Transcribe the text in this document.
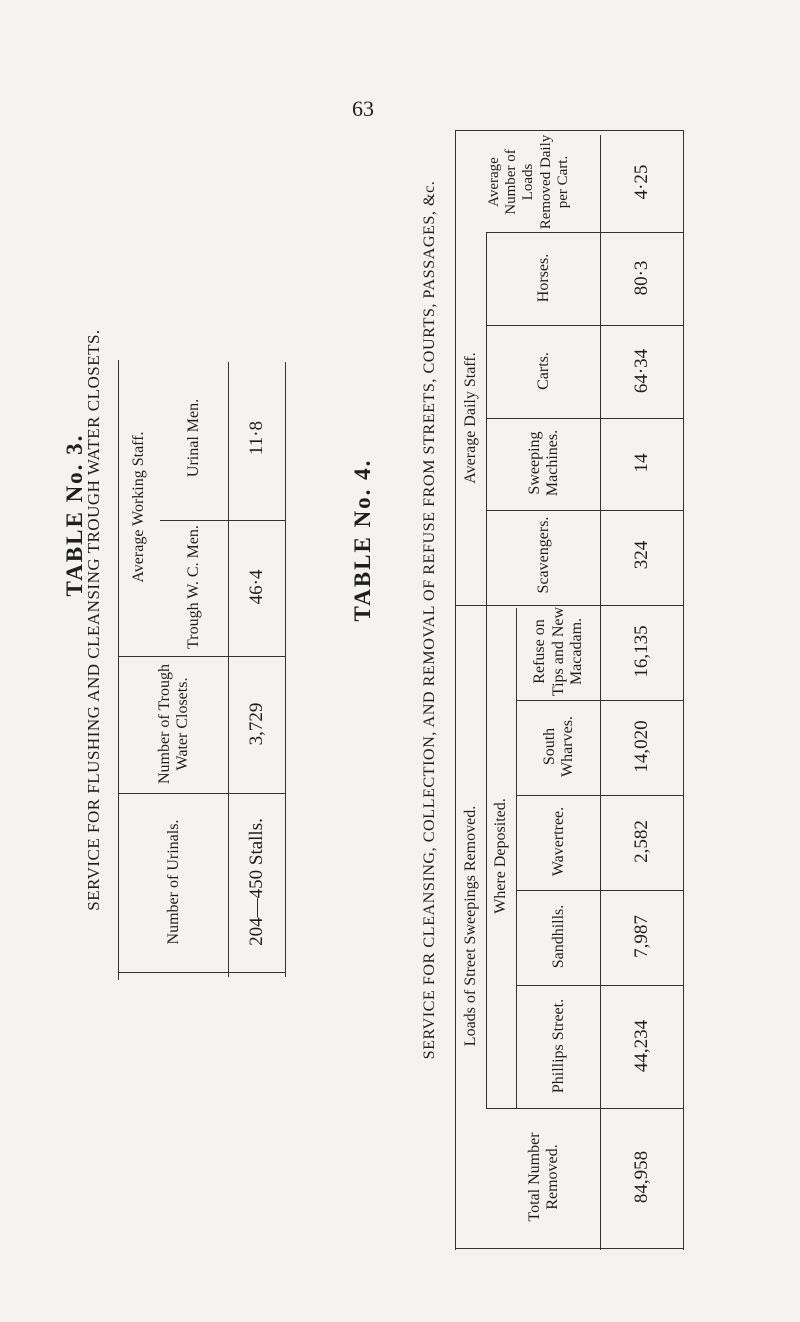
63
TABLE No. 3.
SERVICE FOR FLUSHING AND CLEANSING TROUGH WATER CLOSETS.	Number of Urinals.	204—450 Stalls.
Number of Trough Water Closets.	3,729
Average Working Staff.
Trough W. C. Men.	46·4
Urinal Men.	11·8
TABLE No. 4.	SERVICE FOR CLEANSING, COLLECTION, AND REMOVAL OF REFUSE FROM STREETS, COURTS, PASSAGES, &c.	Loads of Street Sweepings Removed. Where Deposited.
Average Daily Staff.
Total Number Removed.	84,958
Phillips Street.	44,234
Sandhills.	7,987
Wavertree.	2,582
South Wharves.	14,020
Refuse on Tips and New Macadam.	16,135
Scavengers.	324
Sweeping Machines.	14
Carts.	64·34
Horses.	80·3
Average Number of Loads Removed Daily per Cart.	4·25
